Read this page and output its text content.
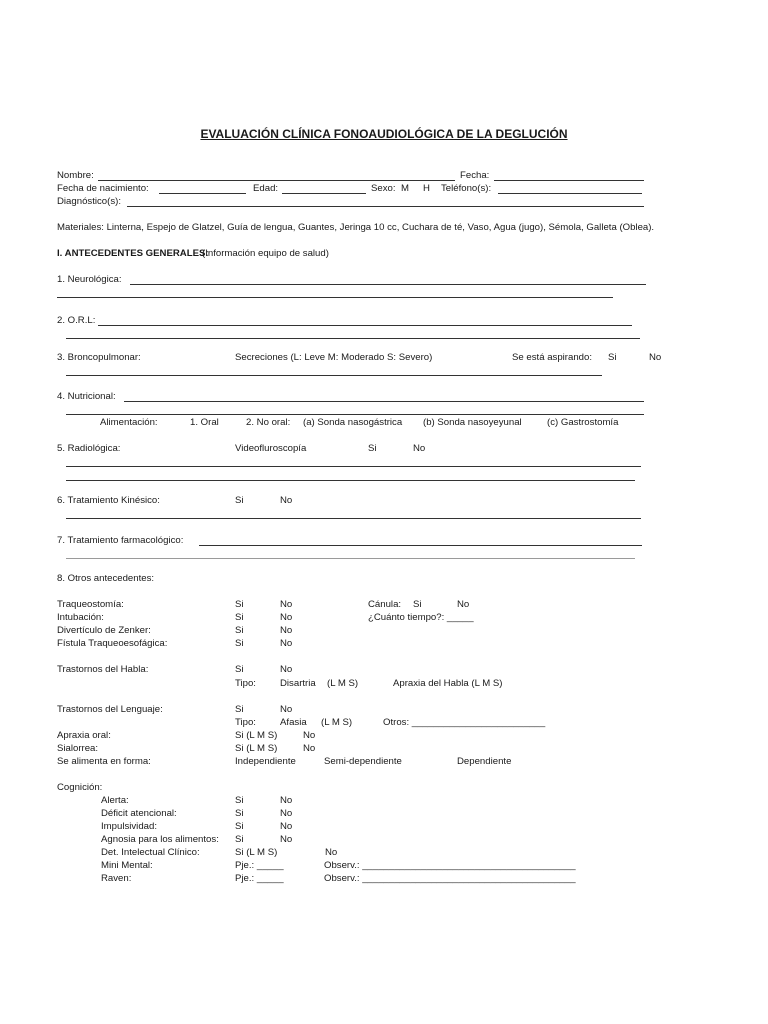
EVALUACIÓN CLÍNICA FONOAUDIOLÓGICA DE LA DEGLUCIÓN
Nombre:	Fecha:
Fecha de nacimiento:	Edad:	Sexo: M H Teléfono(s):
Diagnóstico(s):
Materiales: Linterna, Espejo de Glatzel, Guía de lengua, Guantes, Jeringa 10 cc, Cuchara de té, Vaso, Agua (jugo), Sémola, Galleta (Oblea).
I. ANTECEDENTES GENERALES:
(Información equipo de salud)
1. Neurológica:
2. O.R.L:
3. Broncopulmonar:	Secreciones (L: Leve M: Moderado S: Severo)	Se está aspirando: Si	No
4. Nutricional:
Alimentación:	1. Oral	2. No oral: (a) Sonda nasogástrica (b) Sonda nasoyeyunal	(c) Gastrostomía
5. Radiológica:	Videofluroscopía	Si	No
6. Tratamiento Kinésico:	Si	No
7. Tratamiento farmacológico:
8. Otros antecedentes:
Traqueostomía:	Si	No	Cánula: Si	No
Intubación:	Si	No	¿Cuánto tiempo?: _____
Divertículo de Zenker:	Si	No
Fístula Traqueoesofágica:	Si	No
Trastornos del Habla:	Si	No
Tipo:	Disartria (L M S)	Apraxia del Habla (L M S)
Trastornos del Lenguaje:	Si	No
Tipo:	Afasia (L M S)	Otros: _________________________
Apraxia oral:	Si (L M S)	No
Sialorrea:	Si (L M S)	No
Se alimenta en forma:	Independiente	Semi-dependiente	Dependiente
Cognición:
Alerta:	Si	No
Déficit atencional:	Si	No
Impulsividad:	Si	No
Agnosia para los alimentos: Si	No
Det. Intelectual Clínico:	Si (L M S)	No
Mini Mental:	Pje.: _____	Observ.: ________________________________________
Raven:	Pje.: _____	Observ.: ________________________________________
